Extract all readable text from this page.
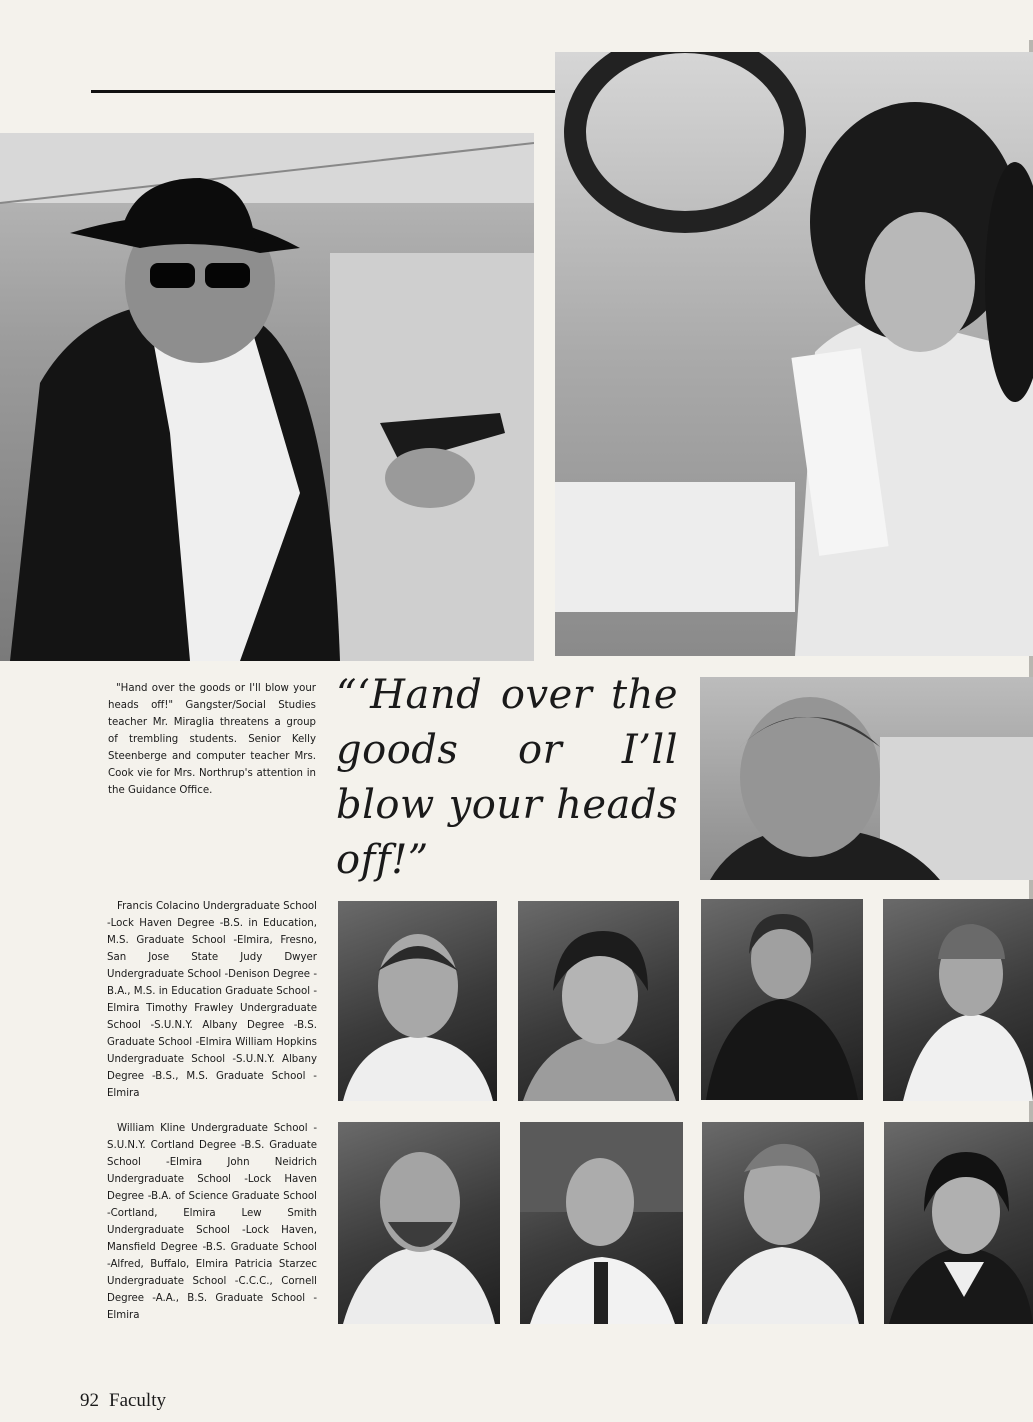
"Hand over the goods or I'll blow your heads off!" Gangster/Social Studies teacher Mr. Miraglia threatens a group of trembling students. Senior Kelly Steenberge and computer teacher Mrs. Cook vie for Mrs. Northrup's attention in the Guidance Office.
“‘Hand over the goods or I’ll blow your heads off!”
Francis Colacino Undergraduate School -Lock Haven Degree -B.S. in Education, M.S. Graduate School -Elmira, Fresno, San Jose State Judy Dwyer Undergraduate School -Denison Degree -B.A., M.S. in Education Graduate School -Elmira Timothy Frawley Undergraduate School -S.U.N.Y. Albany Degree -B.S. Graduate School -Elmira William Hopkins Undergraduate School -S.U.N.Y. Albany Degree -B.S., M.S. Graduate School -Elmira
William Kline Undergraduate School -S.U.N.Y. Cortland Degree -B.S. Graduate School -Elmira John Neidrich Undergraduate School -Lock Haven Degree -B.A. of Science Graduate School -Cortland, Elmira Lew Smith Undergraduate School -Lock Haven, Mansfield Degree -B.S. Graduate School -Alfred, Buffalo, Elmira Patricia Starzec Undergraduate School -C.C.C., Cornell Degree -A.A., B.S. Graduate School -Elmira
92 Faculty
